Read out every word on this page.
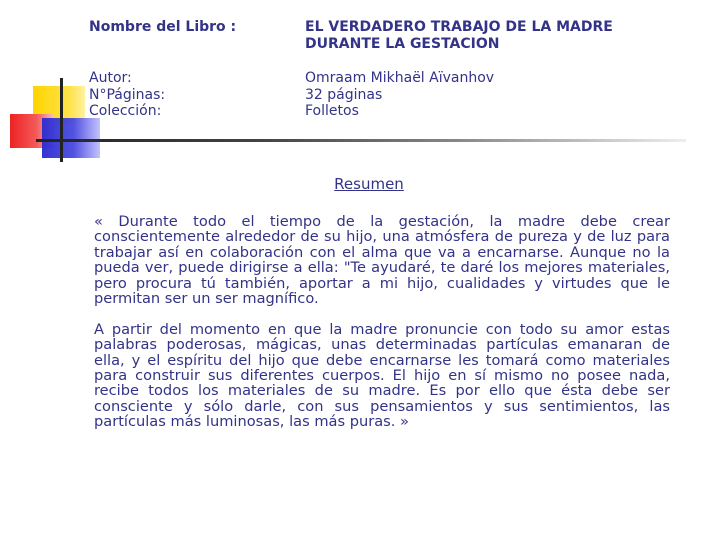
Nombre del Libro :	EL VERDADERO TRABAJO DE LA MADRE
DURANTE LA GESTACION
Autor:	Omraam Mikhaël Aïvanhov
N°Páginas:	32 páginas
Colección:	Folletos
Resumen

« Durante todo el tiempo de la gestación, la madre debe crear conscientemente alrededor de su hijo, una atmósfera de pureza y de luz para trabajar así en colaboración con el alma que va a encarnarse. Aunque no la pueda ver, puede dirigirse a ella: "Te ayudaré, te daré los mejores materiales, pero procura tú también, aportar a mi hijo, cualidades y virtudes que le permitan ser un ser magnífico.

A partir del momento en que la madre pronuncie con todo su amor estas palabras poderosas, mágicas, unas determinadas partículas emanaran de ella, y el espíritu del hijo que debe encarnarse les tomará como materiales para construir sus diferentes cuerpos. El hijo en sí mismo no posee nada, recibe todos los materiales de su madre. Es por ello que ésta debe ser consciente y sólo darle, con sus pensamientos y sus sentimientos, las partículas más luminosas, las más puras. »
